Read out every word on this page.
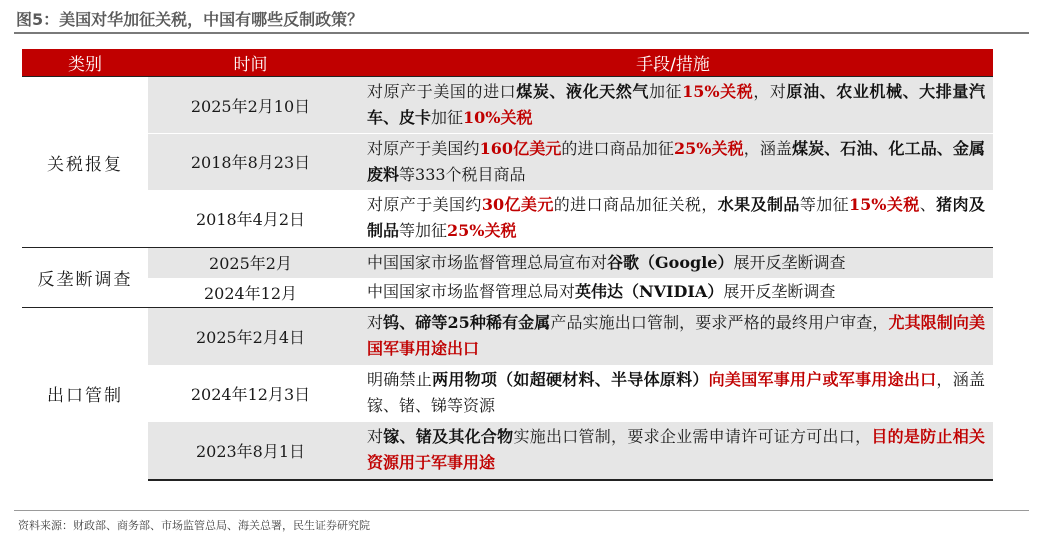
图5：美国对华加征关税，中国有哪些反制政策？
类别	时间	手段/措施
关税报复	2025年2月10日	对原产于美国的进口煤炭、液化天然气加征15%关税，对原油、农业机械、大排量汽车、皮卡加征10%关税
	2018年8月23日	对原产于美国约160亿美元的进口商品加征25%关税，涵盖煤炭、石油、化工品、金属废料等333个税目商品
	2018年4月2日	对原产于美国约30亿美元的进口商品加征关税，水果及制品等加征15%关税、猪肉及制品等加征25%关税
反垄断调查	2025年2月	中国国家市场监督管理总局宣布对谷歌（Google）展开反垄断调查
	2024年12月	中国国家市场监督管理总局对英伟达（NVIDIA）展开反垄断调查
出口管制	2025年2月4日	对钨、碲等25种稀有金属产品实施出口管制，要求严格的最终用户审查，尤其限制向美国军事用途出口
	2024年12月3日	明确禁止两用物项（如超硬材料、半导体原料）向美国军事用户或军事用途出口，涵盖镓、锗、锑等资源
	2023年8月1日	对镓、锗及其化合物实施出口管制，要求企业需申请许可证方可出口，目的是防止相关资源用于军事用途
资料来源：财政部、商务部、市场监管总局、海关总署，民生证券研究院
